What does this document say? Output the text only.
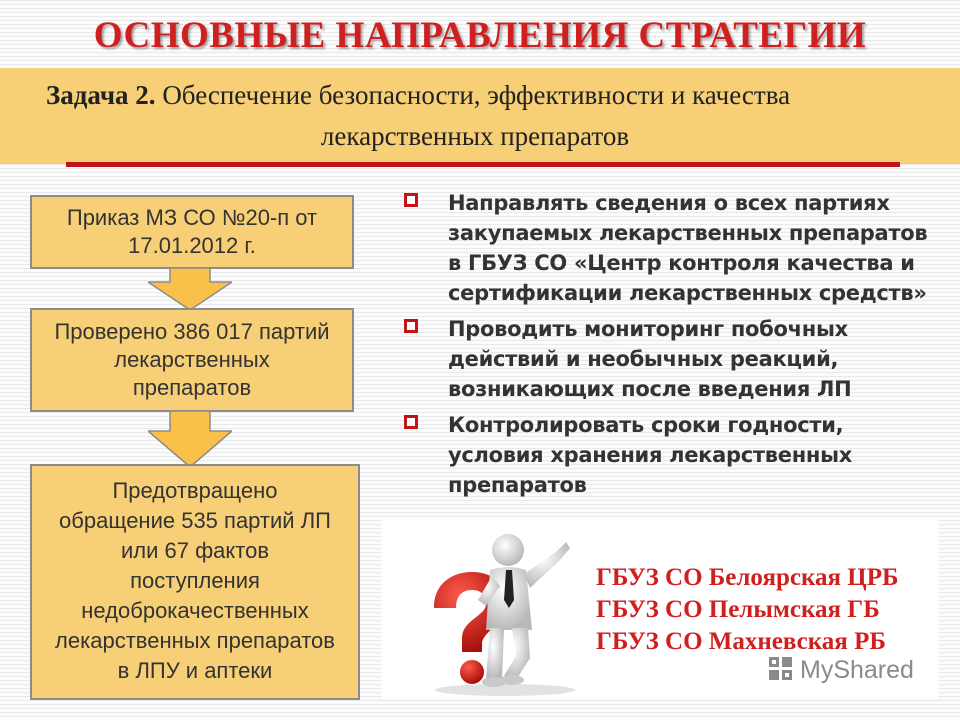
ОСНОВНЫЕ НАПРАВЛЕНИЯ СТРАТЕГИИ
Задача 2. Обеспечение безопасности, эффективности и качества
лекарственных препаратов
Приказ МЗ СО №20-п от
17.01.2012 г.
Проверено 386 017 партий
лекарственных
препаратов
Предотвращено
обращение 535 партий ЛП
или 67 фактов
поступления
недоброкачественных
лекарственных препаратов
в ЛПУ и аптеки
Направлять сведения о всех партиях
закупаемых лекарственных препаратов
в ГБУЗ СО «Центр контроля качества и
сертификации лекарственных средств»
Проводить мониторинг побочных
действий и необычных реакций,
возникающих после введения ЛП
Контролировать сроки годности,
условия хранения лекарственных
препаратов
ГБУЗ СО Белоярская ЦРБ
ГБУЗ СО Пелымская ГБ
ГБУЗ СО Махневская РБ
MyShared
